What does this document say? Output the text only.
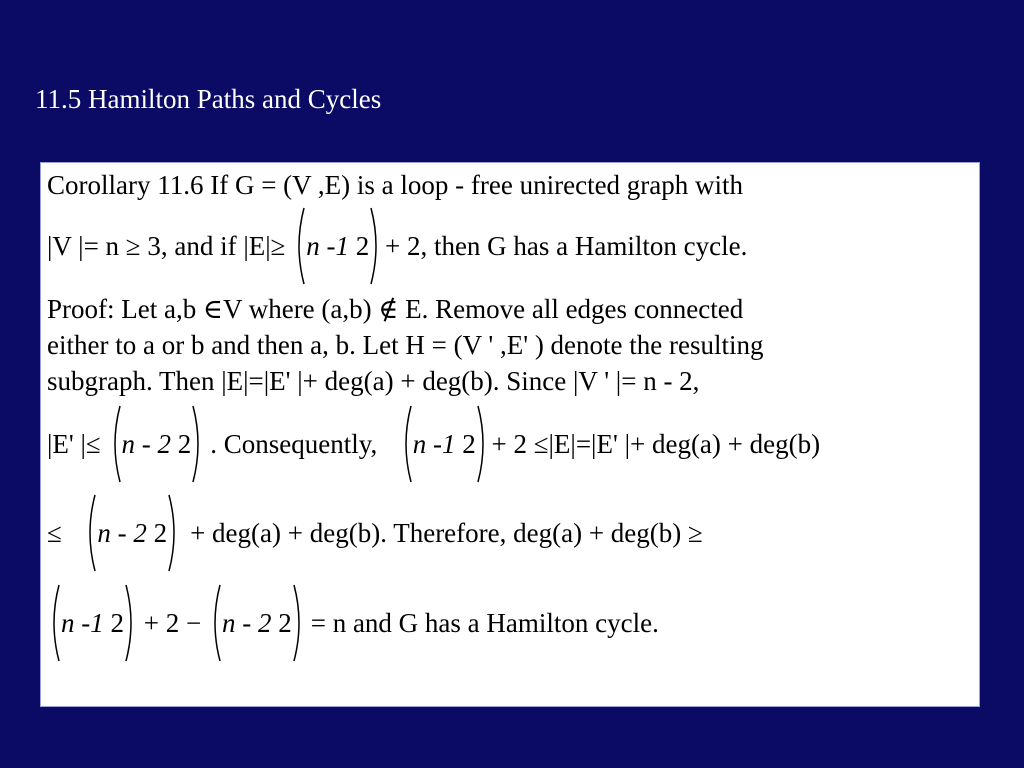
11.5 Hamilton Paths and Cycles
Corollary 11.6 If G = (V ,E) is a loop - free unirected graph with
|V |= n ≥ 3, and if |E|≥ n -1 2 + 2, then G has a Hamilton cycle.
Proof: Let a,b ∈V where (a,b) ∉ E. Remove all edges connected
either to a or b and then a, b. Let H = (V ' ,E' ) denote the resulting
subgraph. Then |E|=|E' |+ deg(a) + deg(b). Since |V ' |= n - 2,
|E' |≤ n - 2 2 . Consequently, n -1 2 + 2 ≤|E|=|E' |+ deg(a) + deg(b)
≤ n - 2 2 + deg(a) + deg(b). Therefore, deg(a) + deg(b) ≥
n -1 2 + 2 − n - 2 2 = n and G has a Hamilton cycle.
